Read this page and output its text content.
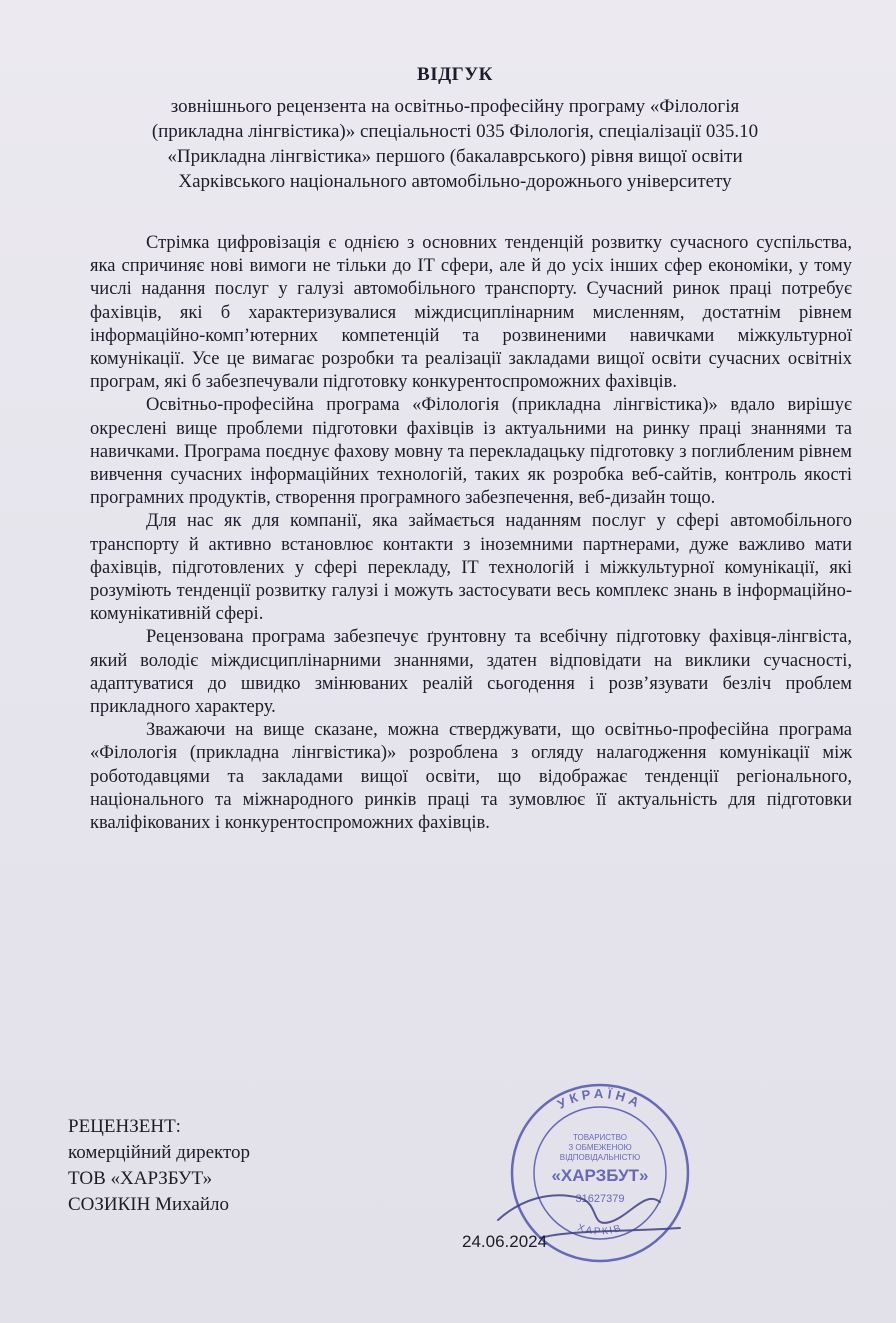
ВІДГУК

зовнішнього рецензента на освітньо-професійну програму «Філологія
(прикладна лінгвістика)» спеціальності 035 Філологія, спеціалізації 035.10
«Прикладна лінгвістика» першого (бакалаврського) рівня вищої освіти
Харківського національного автомобільно-дорожнього університету

Стрімка цифровізація є однією з основних тенденцій розвитку сучасного суспільства, яка спричиняє нові вимоги не тільки до ІТ сфери, але й до усіх інших сфер економіки, у тому числі надання послуг у галузі автомобільного транспорту. Сучасний ринок праці потребує фахівців, які б характеризувалися міждисциплінарним мисленням, достатнім рівнем інформаційно-комп’ютерних компетенцій та розвиненими навичками міжкультурної комунікації. Усе це вимагає розробки та реалізації закладами вищої освіти сучасних освітніх програм, які б забезпечували підготовку конкурентоспроможних фахівців.

Освітньо-професійна програма «Філологія (прикладна лінгвістика)» вдало вирішує окреслені вище проблеми підготовки фахівців із актуальними на ринку праці знаннями та навичками. Програма поєднує фахову мовну та перекладацьку підготовку з поглибленим рівнем вивчення сучасних інформаційних технологій, таких як розробка веб-сайтів, контроль якості програмних продуктів, створення програмного забезпечення, веб-дизайн тощо.

Для нас як для компанії, яка займається наданням послуг у сфері автомобільного транспорту й активно встановлює контакти з іноземними партнерами, дуже важливо мати фахівців, підготовлених у сфері перекладу, ІТ технологій і міжкультурної комунікації, які розуміють тенденції розвитку галузі і можуть застосувати весь комплекс знань в інформаційно-комунікативній сфері.

Рецензована програма забезпечує ґрунтовну та всебічну підготовку фахівця-лінгвіста, який володіє міждисциплінарними знаннями, здатен відповідати на виклики сучасності, адаптуватися до швидко змінюваних реалій сьогодення і розв’язувати безліч проблем прикладного характеру.

Зважаючи на вище сказане, можна стверджувати, що освітньо-професійна програма «Філологія (прикладна лінгвістика)» розроблена з огляду налагодження комунікації між роботодавцями та закладами вищої освіти, що відображає тенденції регіонального, національного та міжнародного ринків праці та зумовлює її актуальність для підготовки кваліфікованих і конкурентоспроможних фахівців.

РЕЦЕНЗЕНТ:
комерційний директор
ТОВ «ХАРЗБУТ»
СОЗИКІН Михайло
УКРАЇНА
ТОВАРИСТВО
З ОБМЕЖЕНОЮ
ВІДПОВІДАЛЬНІСТЮ
«ХАРЗБУТ»
31627379
ХАРКІВ
24.06.2024
